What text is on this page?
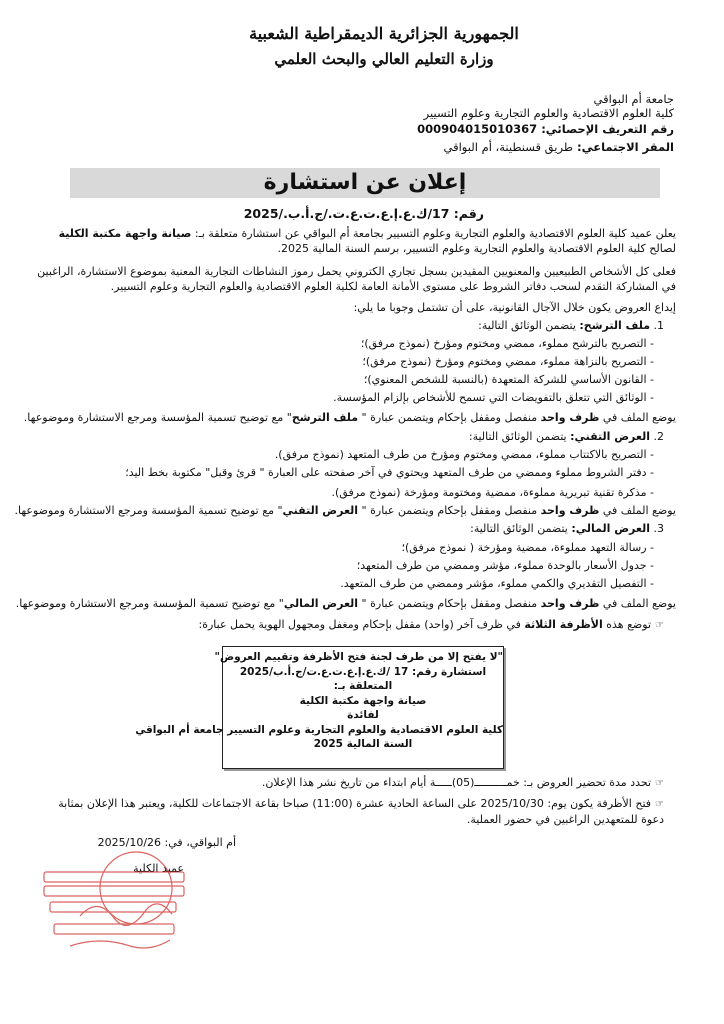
الجمهورية الجزائرية الديمقراطية الشعبية
وزارة التعليم العالي والبحث العلمي
جامعة أم البواقي
كلية العلوم الاقتصادية والعلوم التجارية وعلوم التسيير
رقم التعريف الإحصائي: 000904015010367
المقر الاجتماعي: طريق قسنطينة، أم البواقي
إعلان عن استشارة
رقم: 17/ك.ع.إ.ع.ت.ع.ت./ج.أ.ب./2025
يعلن عميد كلية العلوم الاقتصادية والعلوم التجارية وعلوم التسيير بجامعة أم البواقي عن استشارة متعلقة بـ: صيانة واجهة مكتبة الكلية لصالح كلية العلوم الاقتصادية والعلوم التجارية وعلوم التسيير، برسم السنة المالية 2025.
فعلى كل الأشخاص الطبيعيين والمعنويين المقيدين بسجل تجاري الكتروني يحمل رموز النشاطات التجارية المعنية بموضوع الاستشارة، الراغبين في المشاركة التقدم لسحب دفاتر الشروط على مستوى الأمانة العامة لكلية العلوم الاقتصادية والعلوم التجارية وعلوم التسيير.
إيداع العروض يكون خلال الآجال القانونية، على أن تشتمل وجوبا ما يلي:
1. ملف الترشح: يتضمن الوثائق التالية:
- التصريح بالترشح مملوء، ممضي ومختوم ومؤرخ (نموذج مرفق)؛
- التصريح بالنزاهة مملوء، ممضي ومختوم ومؤرخ (نموذج مرفق)؛
- القانون الأساسي للشركة المتعهدة (بالنسبة للشخص المعنوي)؛
- الوثائق التي تتعلق بالتفويضات التي تسمح للأشخاص بإلزام المؤسسة.
يوضع الملف في ظرف واحد منفصل ومقفل بإحكام ويتضمن عبارة " ملف الترشح" مع توضيح تسمية المؤسسة ومرجع الاستشارة وموضوعها.
2. العرض التقني: يتضمن الوثائق التالية:
- التصريح بالاكتتاب مملوء، ممضي ومختوم ومؤرخ من طرف المتعهد (نموذج مرفق).
- دفتر الشروط مملوء وممضي من طرف المتعهد ويحتوي في آخر صفحته على العبارة " قرئ وقبل" مكتوبة بخط اليد؛
- مذكرة تقنية تبريرية مملوءة، ممضية ومختومة ومؤرخة (نموذج مرفق).
يوضع الملف في ظرف واحد منفصل ومقفل بإحكام ويتضمن عبارة " العرض التقني" مع توضيح تسمية المؤسسة ومرجع الاستشارة وموضوعها.
3. العرض المالي: يتضمن الوثائق التالية:
- رسالة التعهد مملوءة، ممضية ومؤرخة ( نموذج مرفق)؛
- جدول الأسعار بالوحدة مملوء، مؤشر وممضي من طرف المتعهد؛
- التفصيل التقديري والكمي مملوء، مؤشر وممضي من طرف المتعهد.
يوضع الملف في ظرف واحد منفصل ومقفل بإحكام ويتضمن عبارة " العرض المالي" مع توضيح تسمية المؤسسة ومرجع الاستشارة وموضوعها.
☞توضع هذه الأظرفة الثلاثة في ظرف آخر (واحد) مقفل بإحكام ومغفل ومجهول الهوية يحمل عبارة:
"لا يفتح إلا من طرف لجنة فتح الأظرفة وتقييم العروض"
استشارة رقم: 17 /ك.ع.إ.ع.ت.ع.ت/ج.أ.ب/2025
المتعلقة بـ:
صيانة واجهة مكتبة الكلية
لفائدة
كلية العلوم الاقتصادية والعلوم التجارية وعلوم التسيير جامعة أم البواقي
السنة المالية 2025
☞تحدد مدة تحضير العروض بـ: خمــــــــــ(05)ـــــة أيام ابتداء من تاريخ نشر هذا الإعلان.
☞فتح الأظرفة يكون يوم: 2025/10/30 على الساعة الحادية عشرة (11:00) صباحا بقاعة الاجتماعات للكلية، ويعتبر هذا الإعلان بمثابة دعوة للمتعهدين الراغبين في حضور العملية.
أم البواقي، في: 2025/10/26
عميد الكلية
